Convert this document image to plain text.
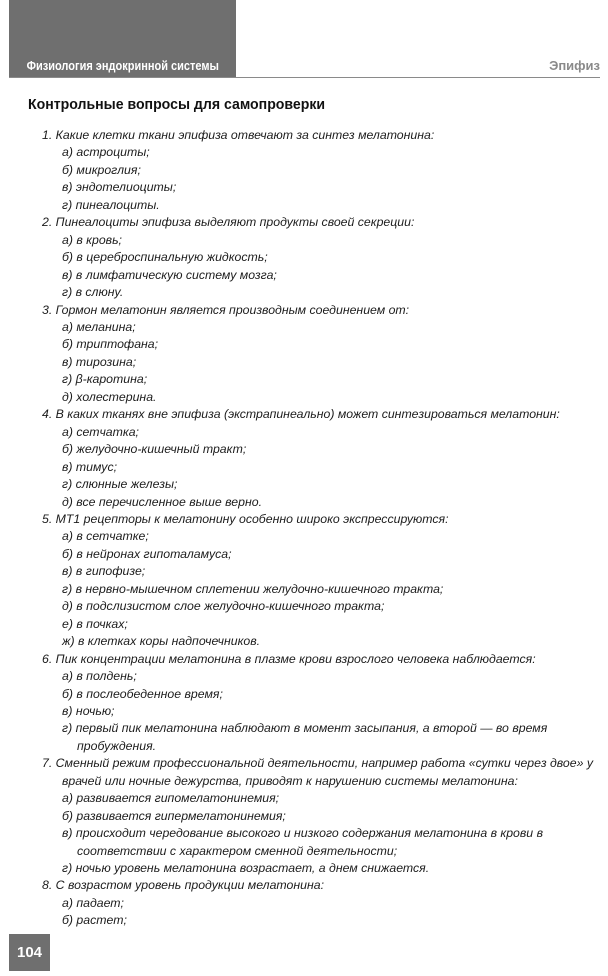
Физиология эндокринной системы	Эпифиз
Контрольные вопросы для самопроверки

1. Какие клетки ткани эпифиза отвечают за синтез мелатонина:

а) астроциты;

б) микроглия;

в) эндотелиоциты;

г) пинеалоциты.

2. Пинеалоциты эпифиза выделяют продукты своей секреции:

а) в кровь;

б) в цереброспинальную жидкость;

в) в лимфатическую систему мозга;

г) в слюну.

3. Гормон мелатонин является производным соединением от:

а) меланина;

б) триптофана;

в) тирозина;

г) β-каротина;

д) холестерина.

4. В каких тканях вне эпифиза (экстрапинеально) может синтезироваться мелатонин:

а) сетчатка;

б) желудочно-кишечный тракт;

в) тимус;

г) слюнные железы;

д) все перечисленное выше верно.

5. МТ1 рецепторы к мелатонину особенно широко экспрессируются:

а) в сетчатке;

б) в нейронах гипоталамуса;

в) в гипофизе;

г) в нервно-мышечном сплетении желудочно-кишечного тракта;

д) в подслизистом слое желудочно-кишечного тракта;

е) в почках;

ж) в клетках коры надпочечников.

6. Пик концентрации мелатонина в плазме крови взрослого человека наблюдается:

а) в полдень;

б) в послеобеденное время;

в) ночью;

г) первый пик мелатонина наблюдают в момент засыпания, а второй — во время пробуждения.

7. Сменный режим профессиональной деятельности, например работа «сутки через двое» у врачей или ночные дежурства, приводят к нарушению системы мелатонина:

а) развивается гипомелатонинемия;

б) развивается гипермелатонинемия;

в) происходит чередование высокого и низкого содержания мелатонина в крови в соответствии с характером сменной деятельности;

г) ночью уровень мелатонина возрастает, а днем снижается.

8. С возрастом уровень продукции мелатонина:

а) падает;

б) растет;

104
